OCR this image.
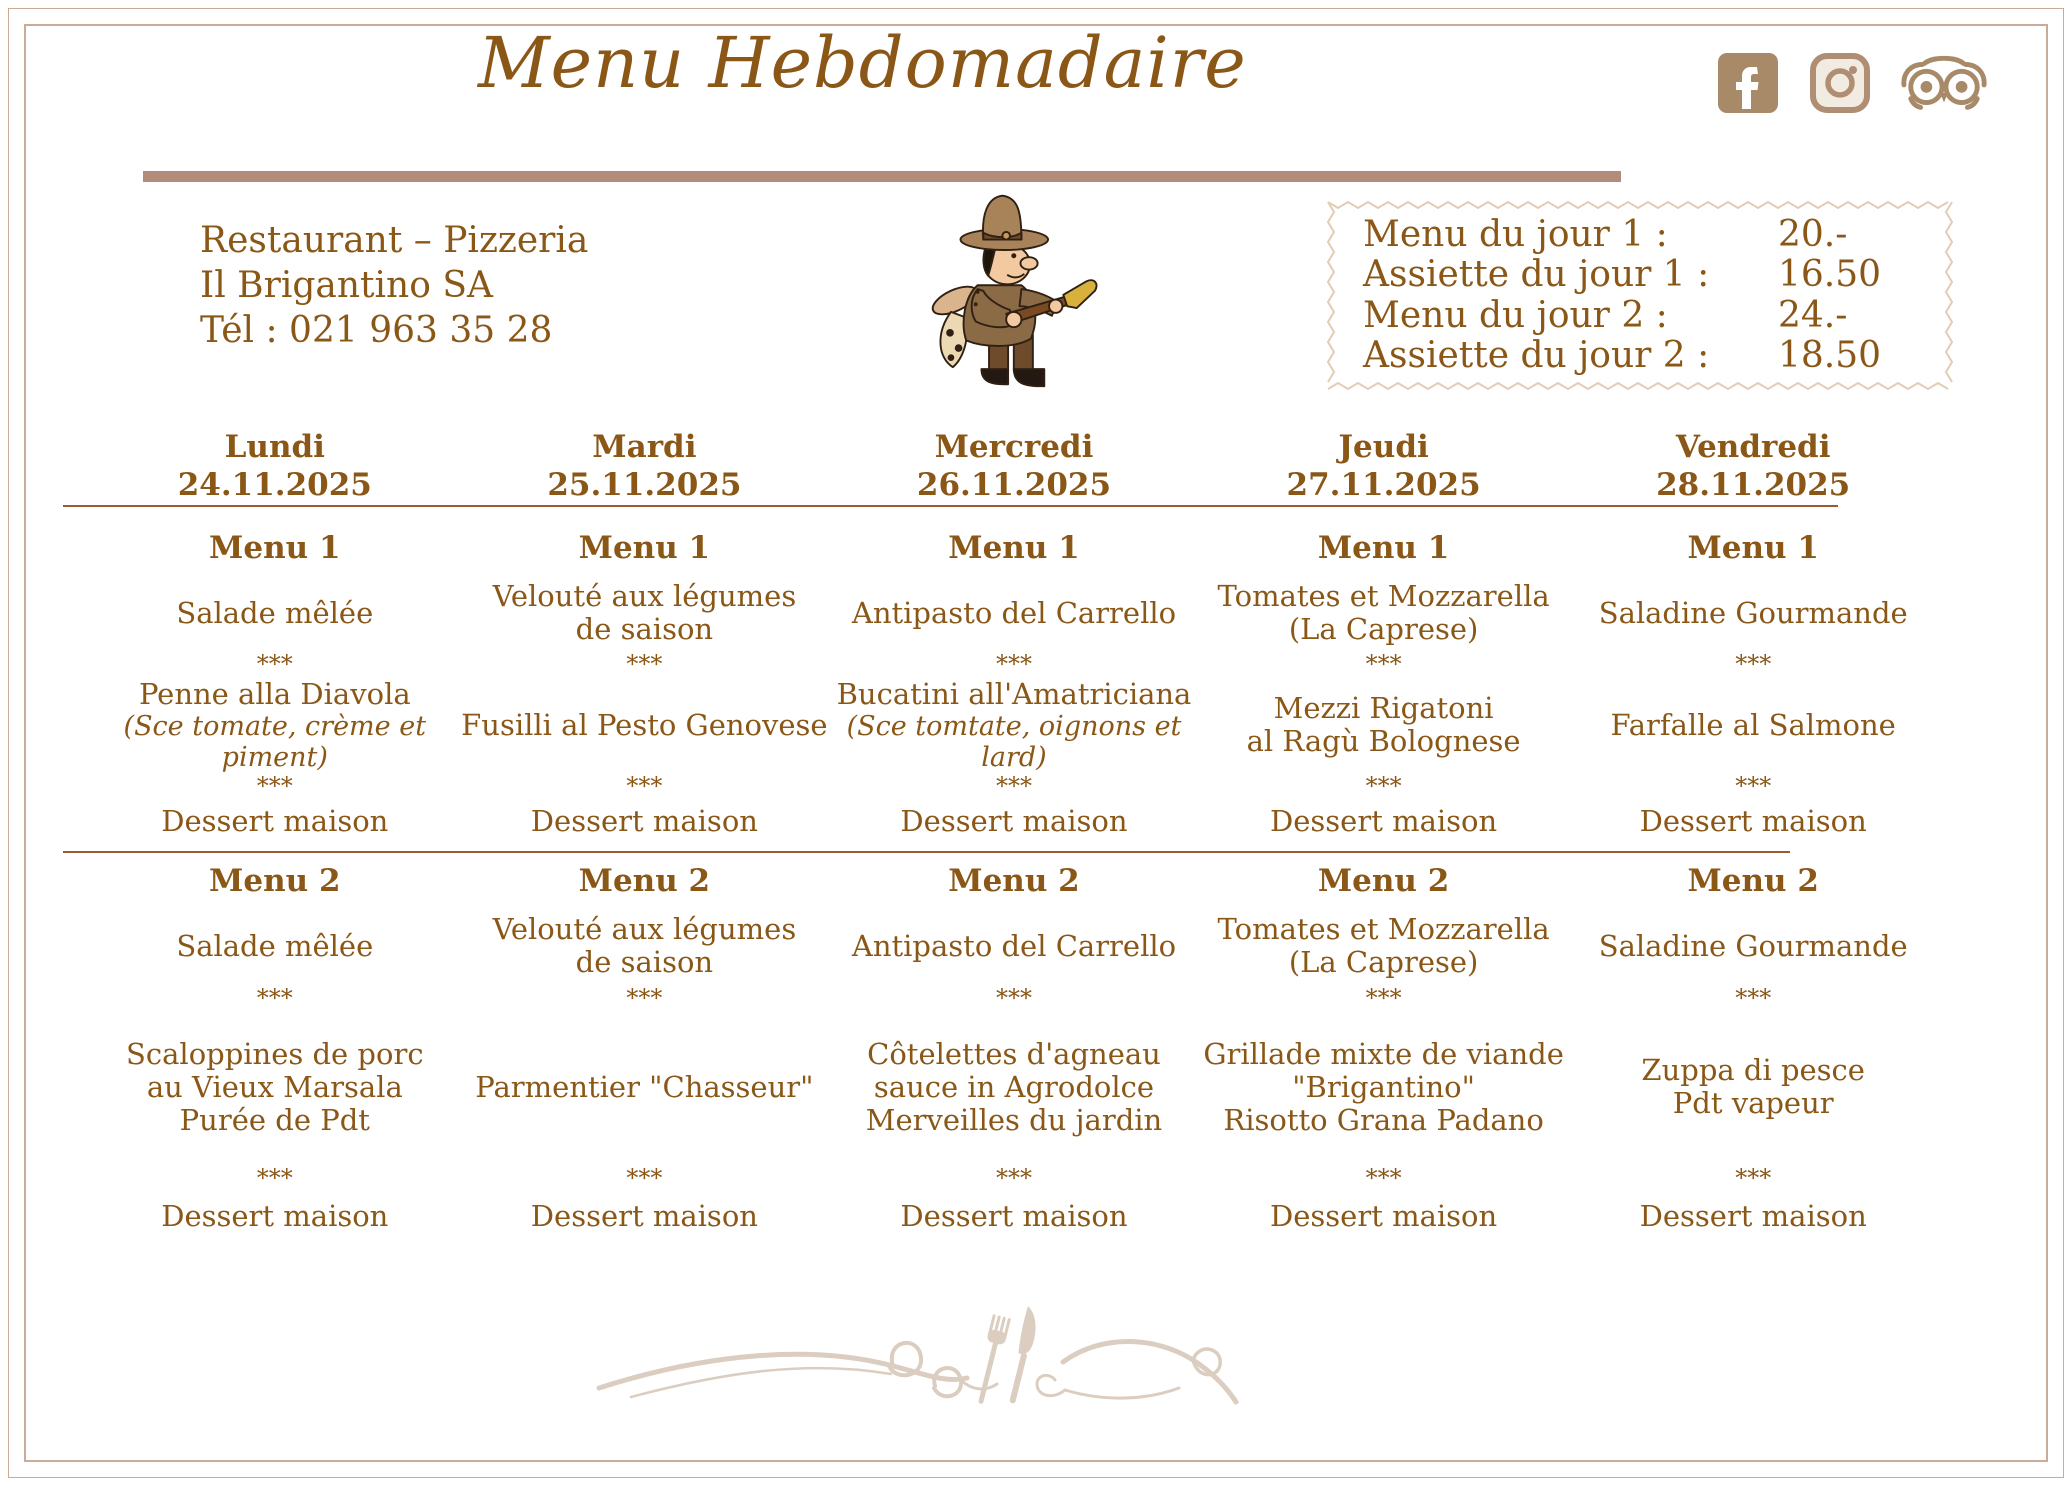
Menu Hebdomadaire
Restaurant – Pizzeria
Il Brigantino SA
Tél : 021 963 35 28
Menu du jour 1 :	20.-
Assiette du jour 1 :	16.50
Menu du jour 2 :	24.-
Assiette du jour 2 :	18.50
Lundi
24.11.2025
Menu 1
Salade mêlée
***
Penne alla Diavola
(Sce tomate, crème et piment)
***
Dessert maison
Menu 2
Salade mêlée
***
Scaloppines de porc
au Vieux Marsala
Purée de Pdt
***
Dessert maison
Mardi
25.11.2025
Menu 1
Velouté aux légumes
de saison
***
Fusilli al Pesto Genovese
***
Dessert maison
Menu 2
Velouté aux légumes
de saison
***
Parmentier "Chasseur"
***
Dessert maison
Mercredi
26.11.2025
Menu 1
Antipasto del Carrello
***
Bucatini all'Amatriciana
(Sce tomtate, oignons et
lard)
***
Dessert maison
Menu 2
Antipasto del Carrello
***
Côtelettes d'agneau
sauce in Agrodolce
Merveilles du jardin
***
Dessert maison
Jeudi
27.11.2025
Menu 1
Tomates et Mozzarella
(La Caprese)
***
Mezzi Rigatoni
al Ragù Bolognese
***
Dessert maison
Menu 2
Tomates et Mozzarella
(La Caprese)
***
Grillade mixte de viande
"Brigantino"
Risotto Grana Padano
***
Dessert maison
Vendredi
28.11.2025
Menu 1
Saladine Gourmande
***
Farfalle al Salmone
***
Dessert maison
Menu 2
Saladine Gourmande
***
Zuppa di pesce
Pdt vapeur
***
Dessert maison
